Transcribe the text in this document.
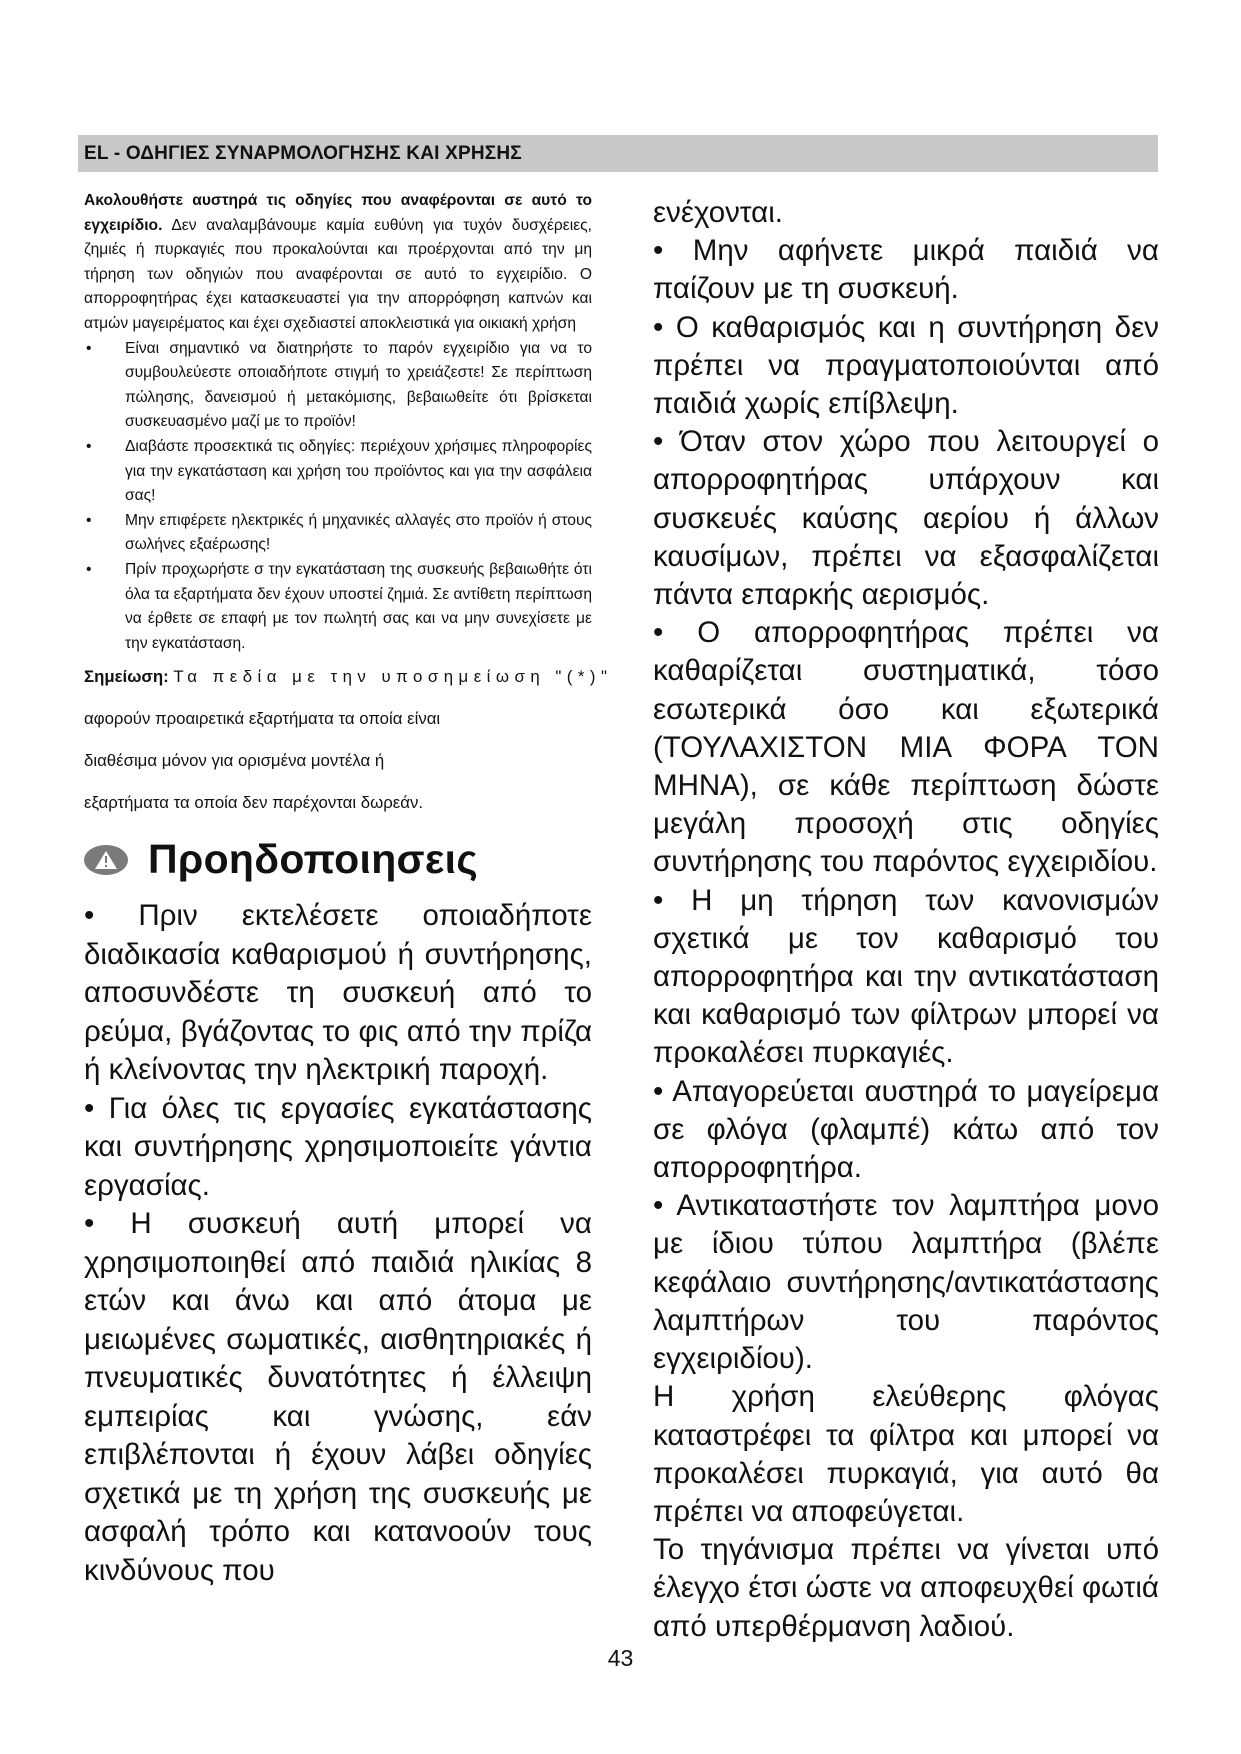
EL - ΟΔΗΓΙΕΣ ΣΥΝΑΡΜΟΛΟΓΗΣΗΣ ΚΑΙ ΧΡΗΣΗΣ

Ακολουθήστε αυστηρά τις οδηγίες που αναφέρονται σε αυτό το εγχειρίδιο. Δεν αναλαμβάνουμε καμία ευθύνη για τυχόν δυσχέρειες, ζημιές ή πυρκαγιές που προκαλούνται και προέρχονται από την μη τήρηση των οδηγιών που αναφέρονται σε αυτό το εγχειρίδιο. Ο απορροφητήρας έχει κατασκευαστεί για την απορρόφηση καπνών και ατμών μαγειρέματος και έχει σχεδιαστεί αποκλειστικά για οικιακή χρήση

• Είναι σημαντικό να διατηρήστε το παρόν εγχειρίδιο για να το συμβουλεύεστε οποιαδήποτε στιγμή το χρειάζεστε! Σε περίπτωση πώλησης, δανεισμού ή μετακόμισης, βεβαιωθείτε ότι βρίσκεται συσκευασμένο μαζί με το προϊόν!
• Διαβάστε προσεκτικά τις οδηγίες: περιέχουν χρήσιμες πληροφορίες για την εγκατάσταση και χρήση του προϊόντος και για την ασφάλεια σας!
• Μην επιφέρετε ηλεκτρικές ή μηχανικές αλλαγές στο προϊόν ή στους σωλήνες εξαέρωσης!
• Πρίν προχωρήστε σ την εγκατάσταση της συσκευής βεβαιωθήτε ότι όλα τα εξαρτήματα δεν έχουν υποστεί ζημιά. Σε αντίθετη περίπτωση να έρθετε σε επαφή με τον πωλητή σας και να μην συνεχίσετε με την εγκατάσταση.
Σημείωση: Τα πεδία με την υποσημείωση "(*)"
αφορούν προαιρετικά εξαρτήματα τα οποία είναι
διαθέσιμα μόνον για ορισμένα μοντέλα ή
εξαρτήματα τα οποία δεν παρέχονται δωρεάν.
Προηδοποιησεις

• Πριν εκτελέσετε οποιαδήποτε διαδικασία καθαρισμού ή συντήρησης, αποσυνδέστε τη συσκευή από το ρεύμα, βγάζοντας το φις από την πρίζα ή κλείνοντας την ηλεκτρική παροχή.

• Για όλες τις εργασίες εγκατάστασης και συντήρησης χρησιμοποιείτε γάντια εργασίας.

• Η συσκευή αυτή μπορεί να χρησιμοποιηθεί από παιδιά ηλικίας 8 ετών και άνω και από άτομα με μειωμένες σωματικές, αισθητηριακές ή πνευματικές δυνατότητες ή έλλειψη εμπειρίας και γνώσης, εάν επιβλέπονται ή έχουν λάβει οδηγίες σχετικά με τη χρήση της συσκευής με ασφαλή τρόπο και κατανοούν τους κινδύνους που

ενέχονται.

• Μην αφήνετε μικρά παιδιά να παίζουν με τη συσκευή.

• Ο καθαρισμός και η συντήρηση δεν πρέπει να πραγματοποιούνται από παιδιά χωρίς επίβλεψη.

• Όταν στον χώρο που λειτουργεί ο απορροφητήρας υπάρχουν και συσκευές καύσης αερίου ή άλλων καυσίμων, πρέπει να εξασφαλίζεται πάντα επαρκής αερισμός.

• Ο απορροφητήρας πρέπει να καθαρίζεται συστηματικά, τόσο εσωτερικά όσο και εξωτερικά (ΤΟΥΛΑΧΙΣΤΟΝ ΜΙΑ ΦΟΡΑ ΤΟΝ ΜΗΝΑ), σε κάθε περίπτωση δώστε μεγάλη προσοχή στις οδηγίες συντήρησης του παρόντος εγχειριδίου.

• Η μη τήρηση των κανονισμών σχετικά με τον καθαρισμό του απορροφητήρα και την αντικατάσταση και καθαρισμό των φίλτρων μπορεί να προκαλέσει πυρκαγιές.

• Απαγορεύεται αυστηρά το μαγείρεμα σε φλόγα (φλαμπέ) κάτω από τον απορροφητήρα.

• Αντικαταστήστε τον λαμπτήρα μονο με ίδιου τύπου λαμπτήρα (βλέπε κεφάλαιο συντήρησης/αντικατάστασης λαμπτήρων του παρόντος εγχειριδίου).

Η χρήση ελεύθερης φλόγας καταστρέφει τα φίλτρα και μπορεί να προκαλέσει πυρκαγιά, για αυτό θα πρέπει να αποφεύγεται.

Το τηγάνισμα πρέπει να γίνεται υπό έλεγχο έτσι ώστε να αποφευχθεί φωτιά από υπερθέρμανση λαδιού.

43
